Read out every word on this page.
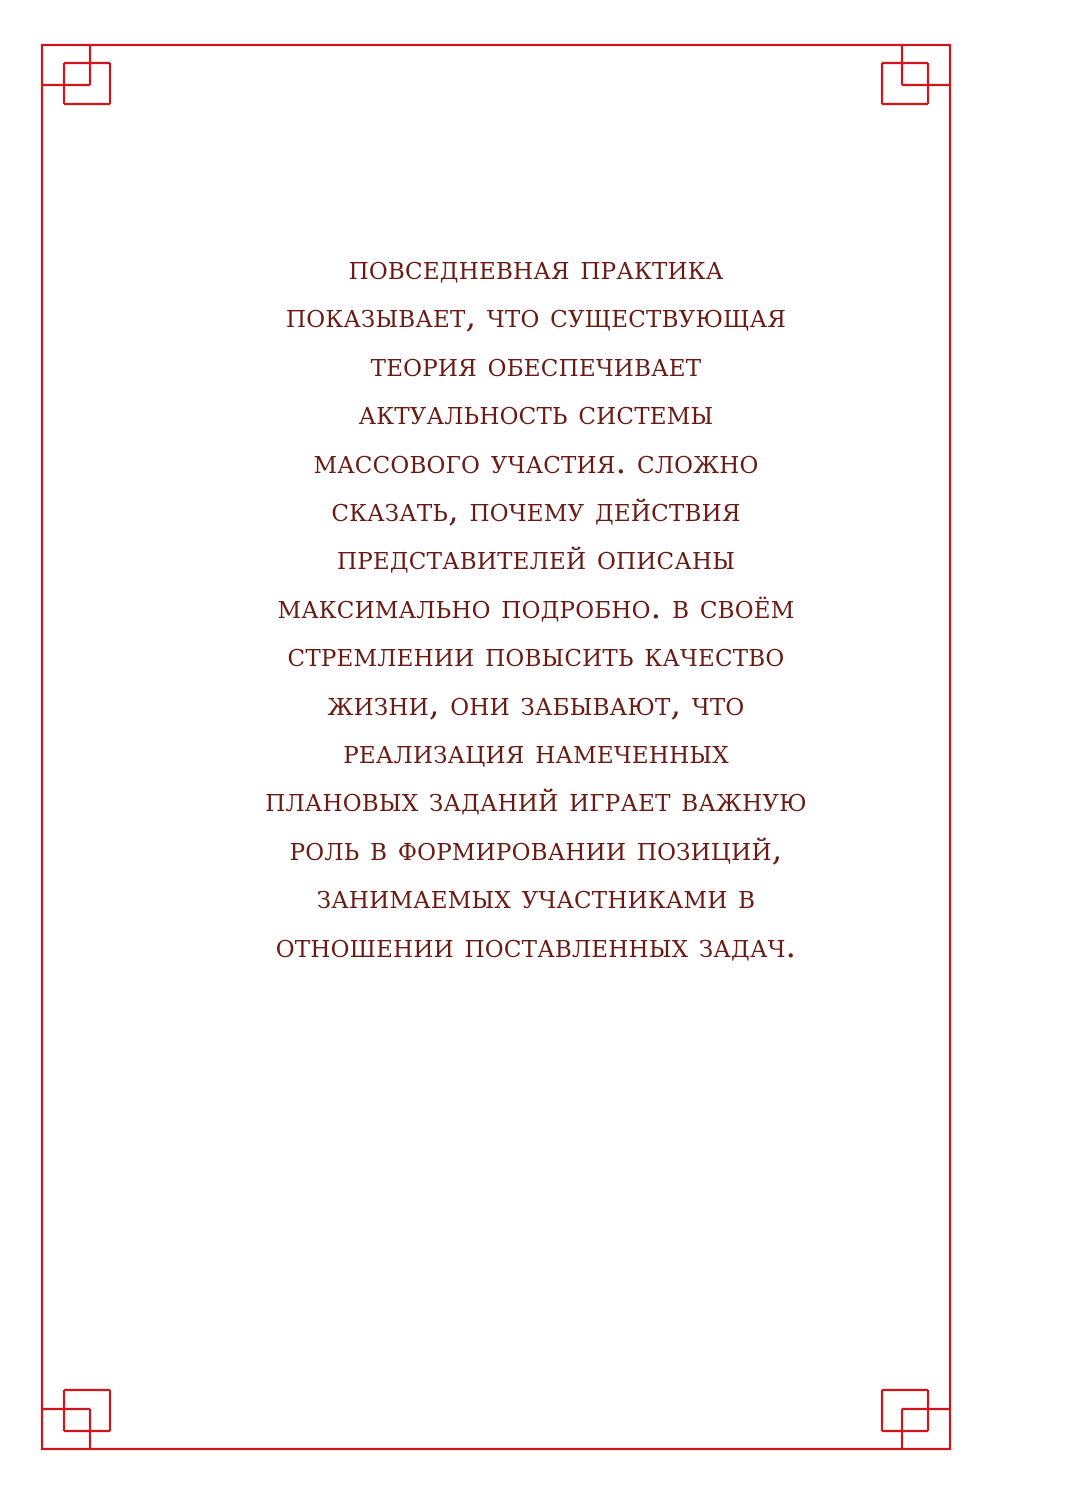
повседневная практика
показывает, что существующая
теория обеспечивает
актуальность системы
массового участия. сложно
сказать, почему действия
представителей описаны
максимально подробно. в своём
стремлении повысить качество
жизни, они забывают, что
реализация намеченных
плановых заданий играет важную
роль в формировании позиций,
занимаемых участниками в
отношении поставленных задач.
